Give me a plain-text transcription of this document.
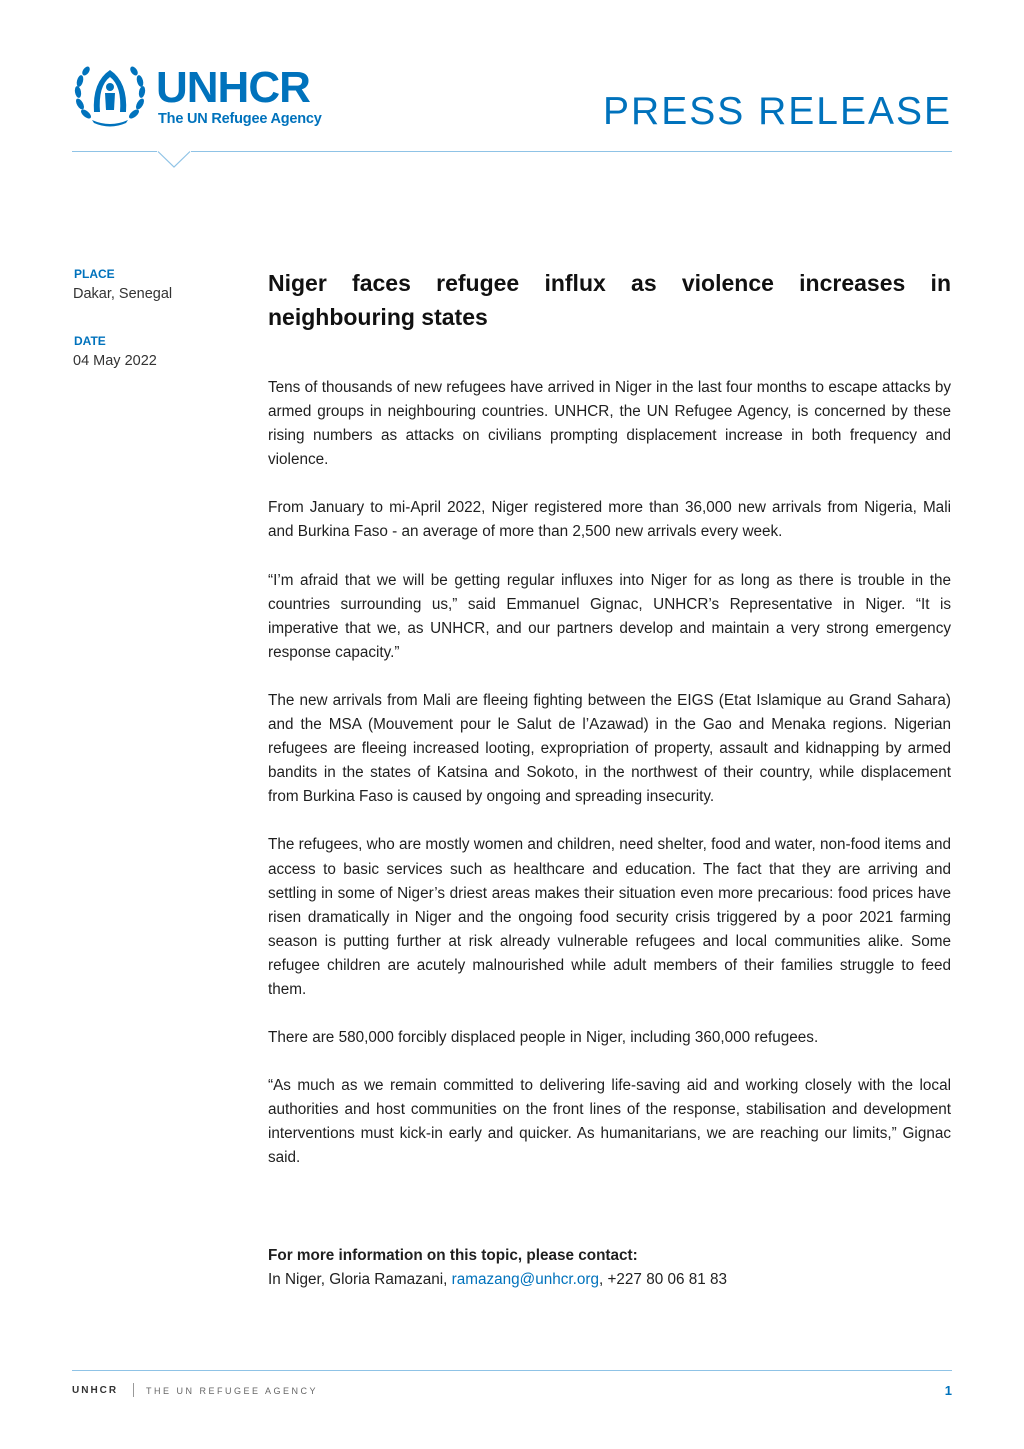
UNHCR
The UN Refugee Agency	PRESS RELEASE
PLACE
Dakar, Senegal
DATE
04 May 2022
Niger faces refugee influx as violence increases in neighbouring states

Tens of thousands of new refugees have arrived in Niger in the last four months to escape attacks by armed groups in neighbouring countries. UNHCR, the UN Refugee Agency, is concerned by these rising numbers as attacks on civilians prompting displacement increase in both frequency and violence.

From January to mi-April 2022, Niger registered more than 36,000 new arrivals from Nigeria, Mali and Burkina Faso - an average of more than 2,500 new arrivals every week.

“I’m afraid that we will be getting regular influxes into Niger for as long as there is trouble in the countries surrounding us,” said Emmanuel Gignac, UNHCR’s Representative in Niger. “It is imperative that we, as UNHCR, and our partners develop and maintain a very strong emergency response capacity.”

The new arrivals from Mali are fleeing fighting between the EIGS (Etat Islamique au Grand Sahara) and the MSA (Mouvement pour le Salut de l’Azawad) in the Gao and Menaka regions. Nigerian refugees are fleeing increased looting, expropriation of property, assault and kidnapping by armed bandits in the states of Katsina and Sokoto, in the northwest of their country, while displacement from Burkina Faso is caused by ongoing and spreading insecurity.

The refugees, who are mostly women and children, need shelter, food and water, non-food items and access to basic services such as healthcare and education. The fact that they are arriving and settling in some of Niger’s driest areas makes their situation even more precarious: food prices have risen dramatically in Niger and the ongoing food security crisis triggered by a poor 2021 farming season is putting further at risk already vulnerable refugees and local communities alike. Some refugee children are acutely malnourished while adult members of their families struggle to feed them.

There are 580,000 forcibly displaced people in Niger, including 360,000 refugees.

“As much as we remain committed to delivering life-saving aid and working closely with the local authorities and host communities on the front lines of the response, stabilisation and development interventions must kick-in early and quicker. As humanitarians, we are reaching our limits,” Gignac said.

For more information on this topic, please contact:
In Niger, Gloria Ramazani, ramazang@unhcr.org, +227 80 06 81 83
UNHCR	THE UN REFUGEE AGENCY	1
